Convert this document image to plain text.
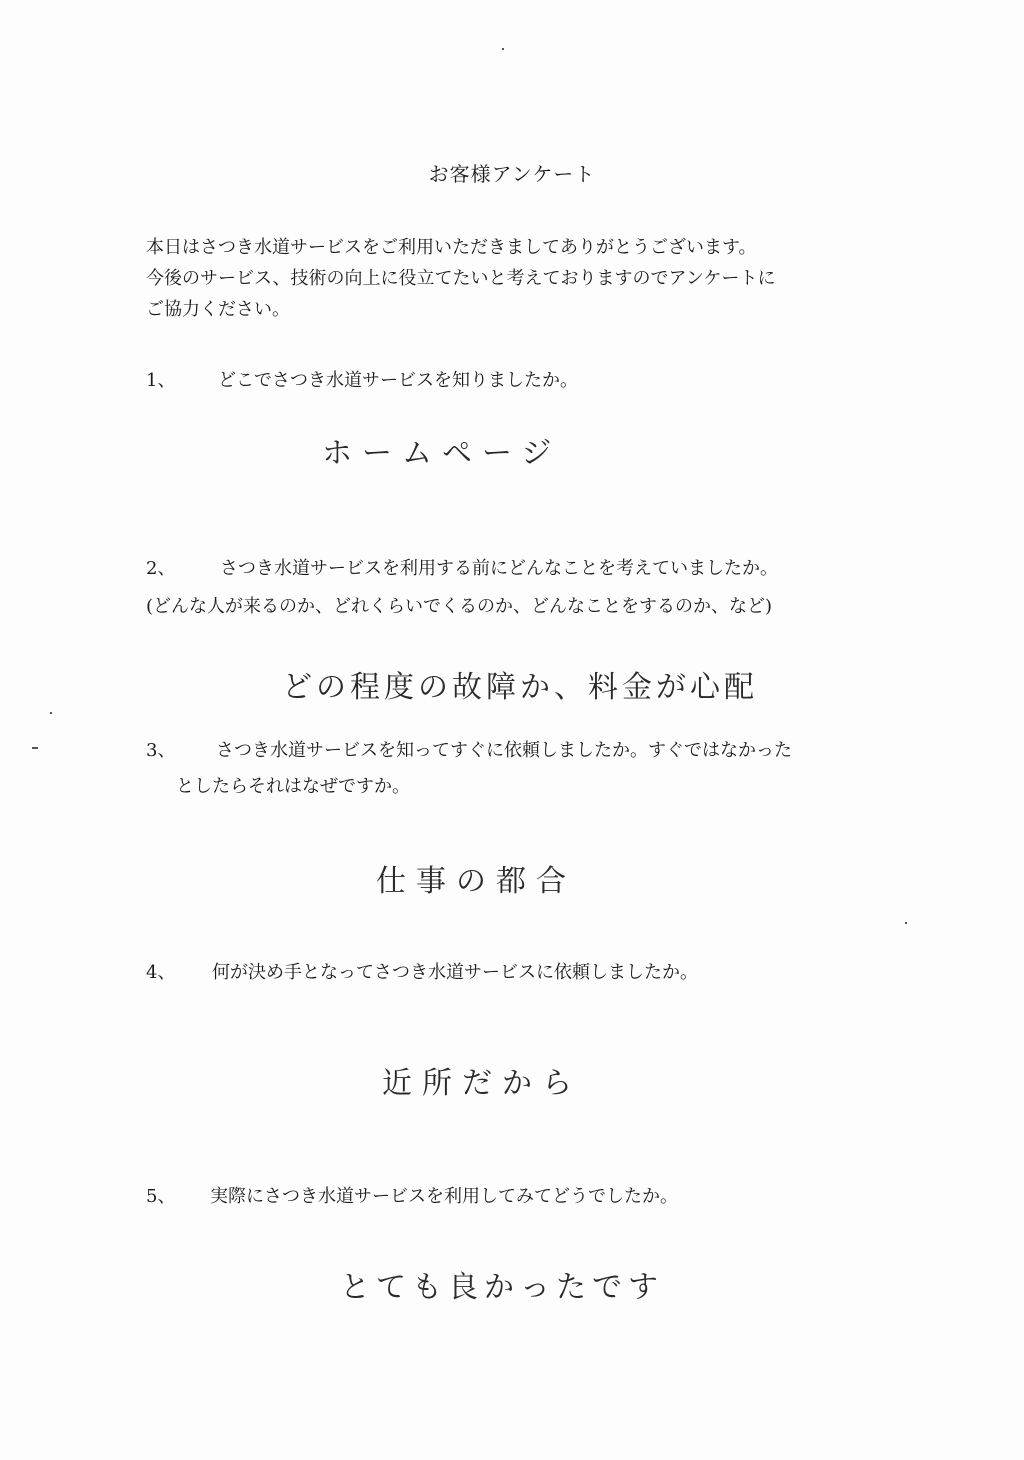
お客様アンケート
本日はさつき水道サービスをご利用いただきましてありがとうございます。
今後のサービス、技術の向上に役立てたいと考えておりますのでアンケートに
ご協力ください。
1、 どこでさつき水道サービスを知りましたか。
ホームページ
2、 さつき水道サービスを利用する前にどんなことを考えていましたか。
(どんな人が来るのか、どれくらいでくるのか、どんなことをするのか、など)
どの程度の故障か、料金が心配
3、 さつき水道サービスを知ってすぐに依頼しましたか。すぐではなかった
としたらそれはなぜですか。
仕事の都合
4、 何が決め手となってさつき水道サービスに依頼しましたか。
近所だから
5、 実際にさつき水道サービスを利用してみてどうでしたか。
とても良かったです
